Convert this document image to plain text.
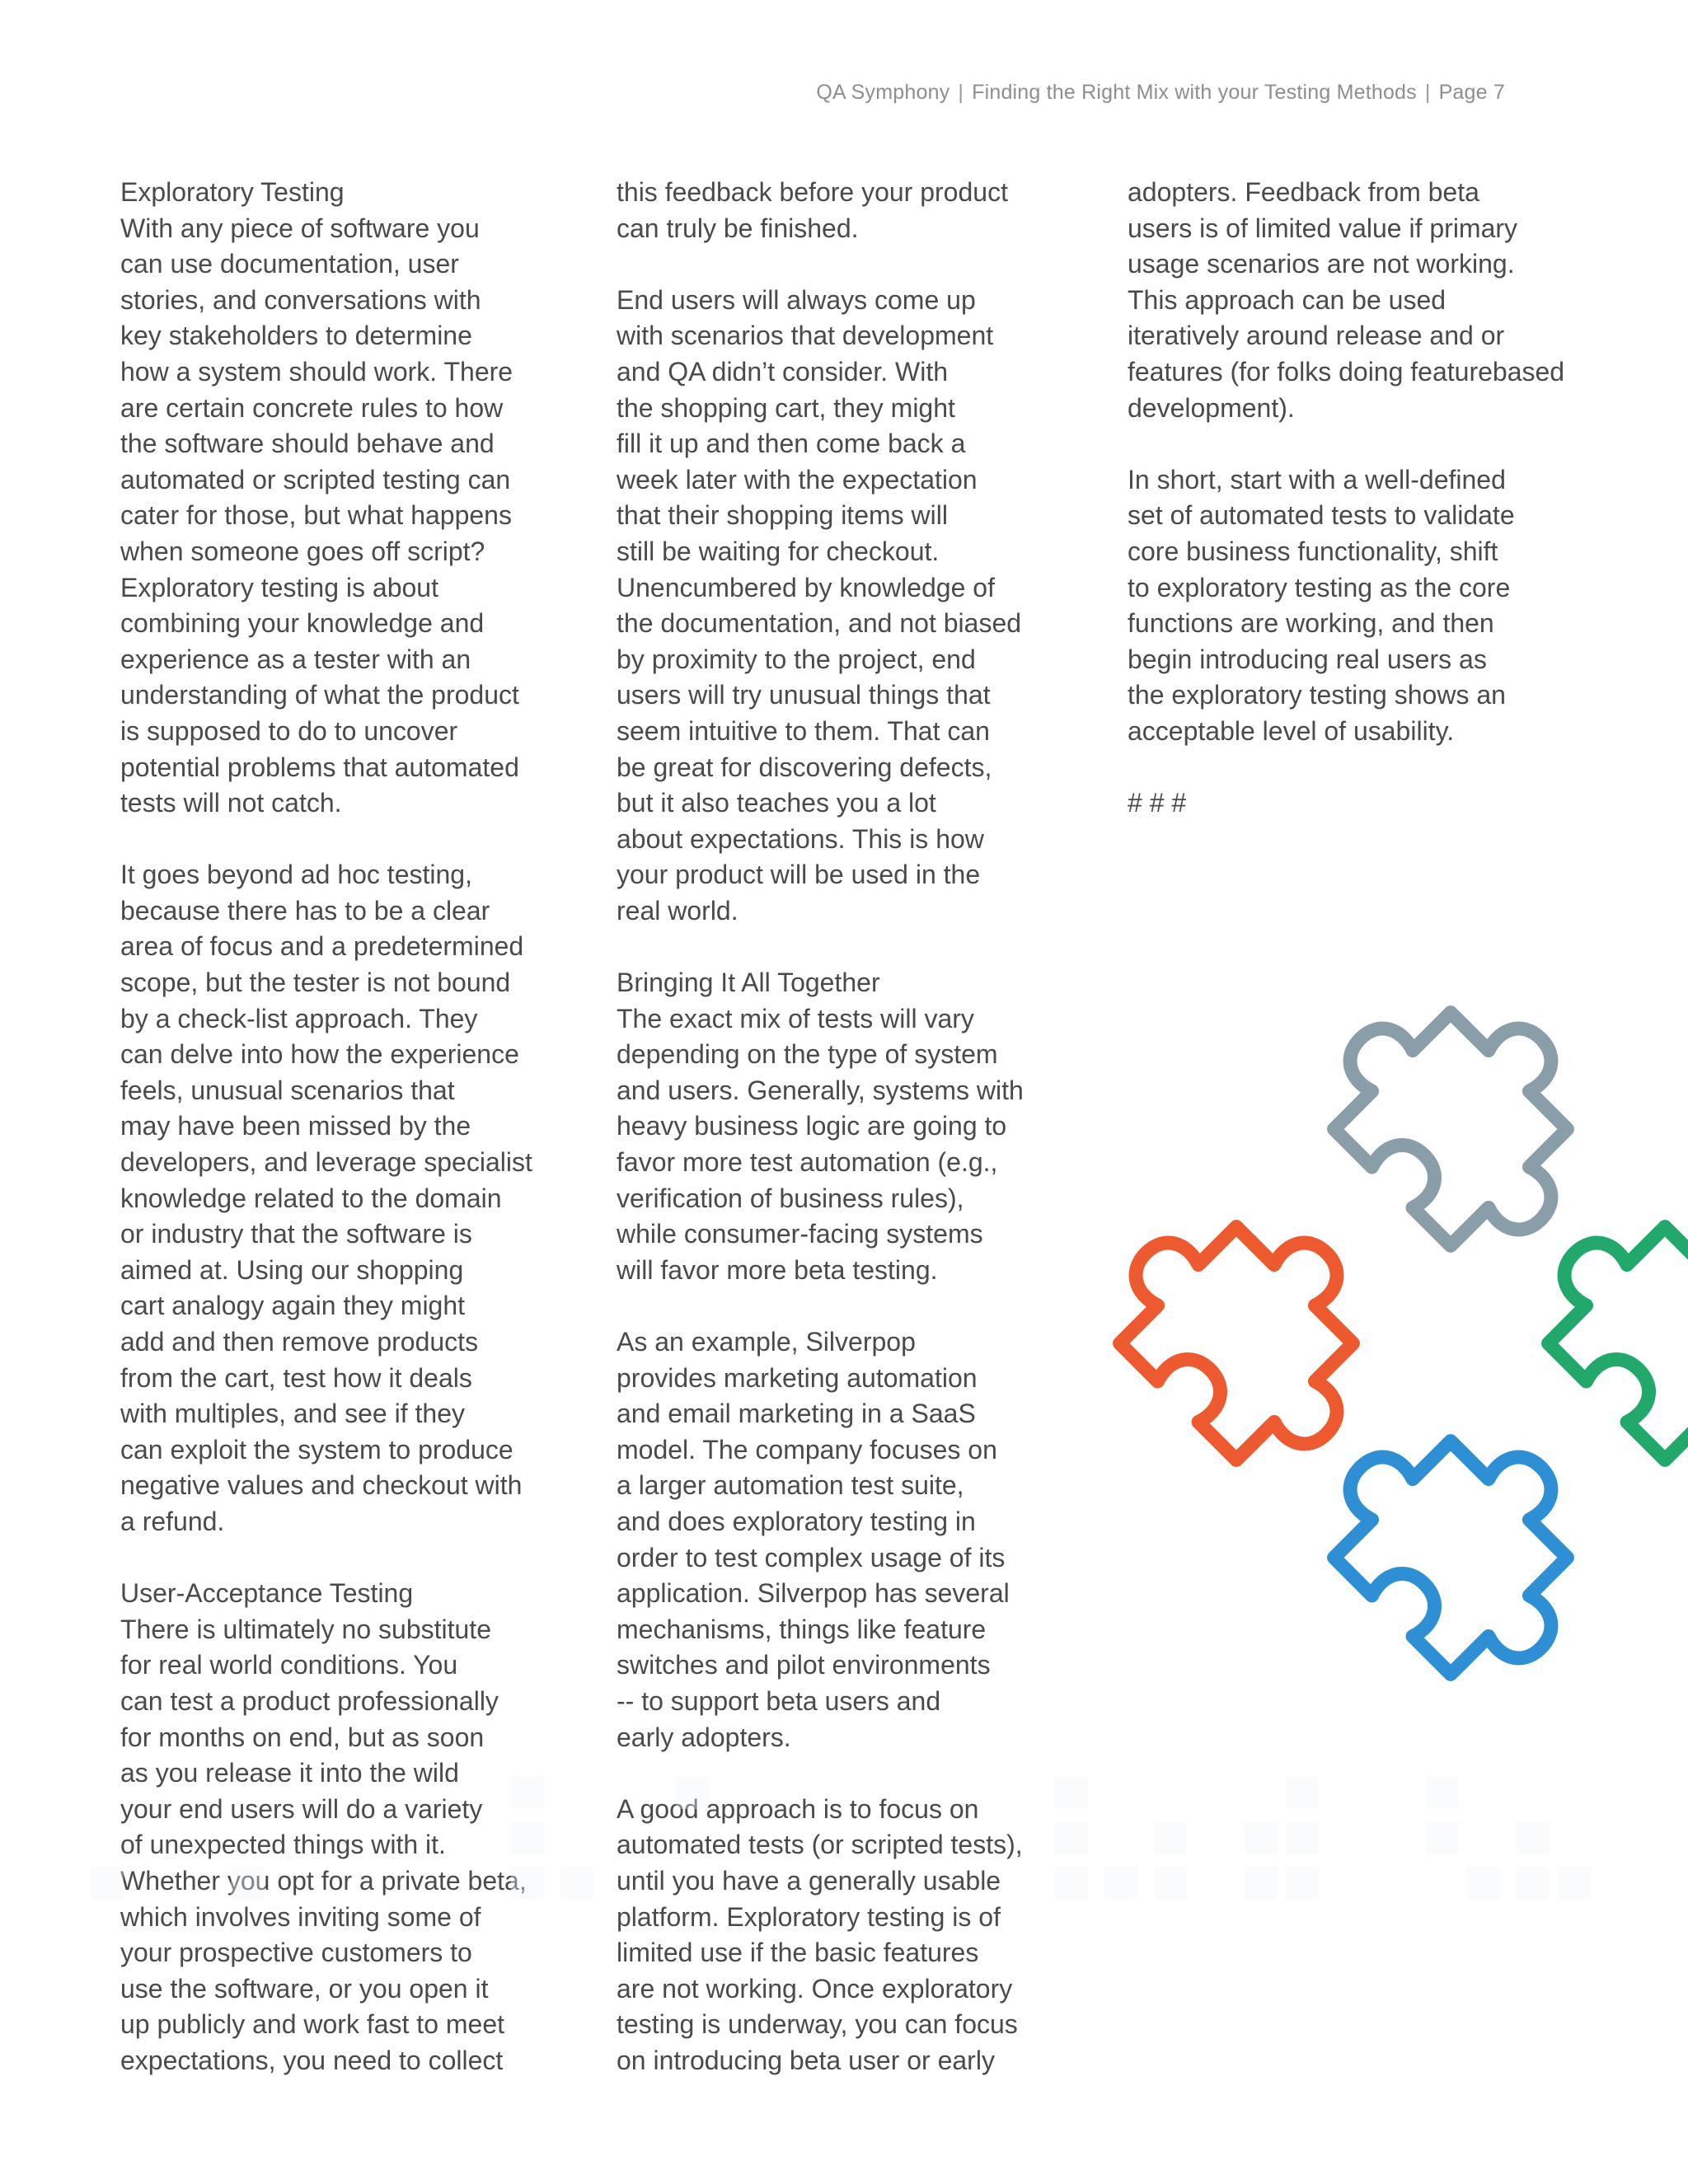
QA Symphony | Finding the Right Mix with your Testing Methods | Page 7
Exploratory Testing
With any piece of software you
can use documentation, user
stories, and conversations with
key stakeholders to determine
how a system should work. There
are certain concrete rules to how
the software should behave and
automated or scripted testing can
cater for those, but what happens
when someone goes off script?
Exploratory testing is about
combining your knowledge and
experience as a tester with an
understanding of what the product
is supposed to do to uncover
potential problems that automated
tests will not catch.
It goes beyond ad hoc testing,
because there has to be a clear
area of focus and a predetermined
scope, but the tester is not bound
by a check-list approach. They
can delve into how the experience
feels, unusual scenarios that
may have been missed by the
developers, and leverage specialist
knowledge related to the domain
or industry that the software is
aimed at. Using our shopping
cart analogy again they might
add and then remove products
from the cart, test how it deals
with multiples, and see if they
can exploit the system to produce
negative values and checkout with
a refund.
User-Acceptance Testing
There is ultimately no substitute
for real world conditions. You
can test a product professionally
for months on end, but as soon
as you release it into the wild
your end users will do a variety
of unexpected things with it.
Whether you opt for a private beta,
which involves inviting some of
your prospective customers to
use the software, or you open it
up publicly and work fast to meet
expectations, you need to collect
this feedback before your product
can truly be finished.
End users will always come up
with scenarios that development
and QA didn’t consider. With
the shopping cart, they might
fill it up and then come back a
week later with the expectation
that their shopping items will
still be waiting for checkout.
Unencumbered by knowledge of
the documentation, and not biased
by proximity to the project, end
users will try unusual things that
seem intuitive to them. That can
be great for discovering defects,
but it also teaches you a lot
about expectations. This is how
your product will be used in the
real world.
Bringing It All Together
The exact mix of tests will vary
depending on the type of system
and users. Generally, systems with
heavy business logic are going to
favor more test automation (e.g.,
verification of business rules),
while consumer-facing systems
will favor more beta testing.
As an example, Silverpop
provides marketing automation
and email marketing in a SaaS
model. The company focuses on
a larger automation test suite,
and does exploratory testing in
order to test complex usage of its
application. Silverpop has several
mechanisms, things like feature
switches and pilot environments
-- to support beta users and
early adopters.
A good approach is to focus on
automated tests (or scripted tests),
until you have a generally usable
platform. Exploratory testing is of
limited use if the basic features
are not working. Once exploratory
testing is underway, you can focus
on introducing beta user or early
adopters. Feedback from beta
users is of limited value if primary
usage scenarios are not working.
This approach can be used
iteratively around release and or
features (for folks doing featurebased
development).
In short, start with a well-defined
set of automated tests to validate
core business functionality, shift
to exploratory testing as the core
functions are working, and then
begin introducing real users as
the exploratory testing shows an
acceptable level of usability.
# # #
